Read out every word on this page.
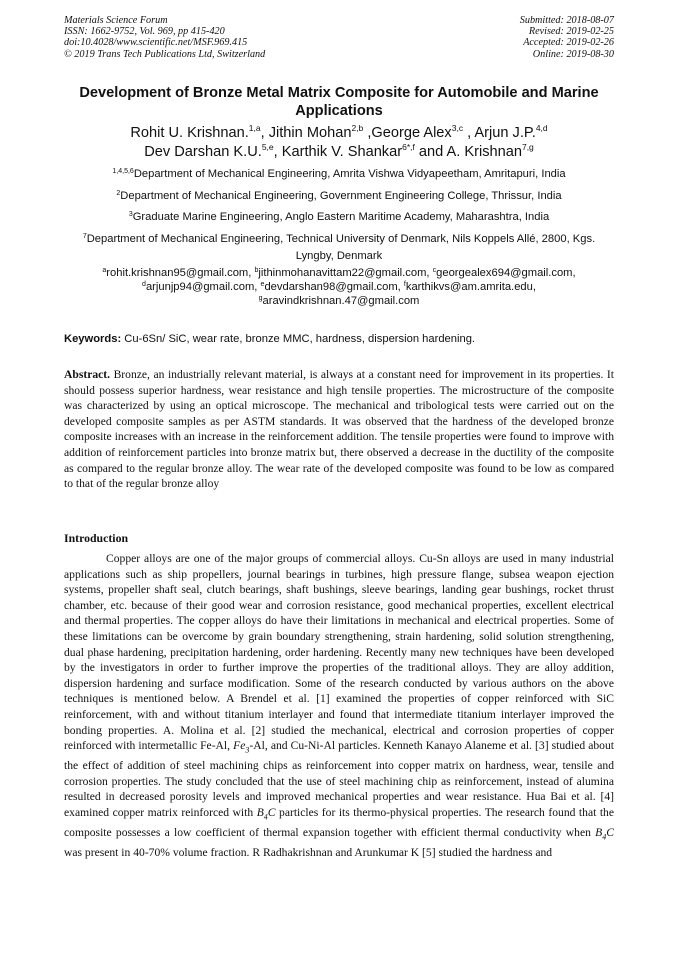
Materials Science Forum
ISSN: 1662-9752, Vol. 969, pp 415-420
doi:10.4028/www.scientific.net/MSF.969.415
© 2019 Trans Tech Publications Ltd, Switzerland
Submitted: 2018-08-07
Revised: 2019-02-25
Accepted: 2019-02-26
Online: 2019-08-30
Development of Bronze Metal Matrix Composite for Automobile and Marine Applications
Rohit U. Krishnan.$^{1,a}$, Jithin Mohan$^{2,b}$ ,George Alex$^{3,c}$ , Arjun J.P.$^{4,d}$
Dev Darshan K.U.$^{5,e}$, Karthik V. Shankar$^{6*,f}$ and A. Krishnan$^{7,g}$
$^{1,4,5,6}$Department of Mechanical Engineering, Amrita Vishwa Vidyapeetham, Amritapuri, India
$^2$Department of Mechanical Engineering, Government Engineering College, Thrissur, India
$^3$Graduate Marine Engineering, Anglo Eastern Maritime Academy, Maharashtra, India
$^7$Department of Mechanical Engineering, Technical University of Denmark, Nils Koppels Allé, 2800, Kgs. Lyngby, Denmark
$^a$rohit.krishnan95@gmail.com, $^b$jithinmohanavittam22@gmail.com, $^c$georgealex694@gmail.com,
$^d$arjunjp94@gmail.com, $^e$devdarshan98@gmail.com, $^f$karthikvs@am.amrita.edu,
$^g$aravindkrishnan.47@gmail.com
Keywords: Cu-6Sn/ SiC, wear rate, bronze MMC, hardness, dispersion hardening.
Abstract. Bronze, an industrially relevant material, is always at a constant need for improvement in its properties. It should possess superior hardness, wear resistance and high tensile properties. The microstructure of the composite was characterized by using an optical microscope. The mechanical and tribological tests were carried out on the developed composite samples as per ASTM standards. It was observed that the hardness of the developed bronze composite increases with an increase in the reinforcement addition. The tensile properties were found to improve with addition of reinforcement particles into bronze matrix but, there observed a decrease in the ductility of the composite as compared to the regular bronze alloy. The wear rate of the developed composite was found to be low as compared to that of the regular bronze alloy
Introduction
Copper alloys are one of the major groups of commercial alloys. Cu-Sn alloys are used in many industrial applications such as ship propellers, journal bearings in turbines, high pressure flange, subsea weapon ejection systems, propeller shaft seal, clutch bearings, shaft bushings, sleeve bearings, landing gear bushings, rocket thrust chamber, etc. because of their good wear and corrosion resistance, good mechanical properties, excellent electrical and thermal properties. The copper alloys do have their limitations in mechanical and electrical properties. Some of these limitations can be overcome by grain boundary strengthening, strain hardening, solid solution strengthening, dual phase hardening, precipitation hardening, order hardening. Recently many new techniques have been developed by the investigators in order to further improve the properties of the traditional alloys. They are alloy addition, dispersion hardening and surface modification. Some of the research conducted by various authors on the above techniques is mentioned below. A Brendel et al. [1] examined the properties of copper reinforced with SiC reinforcement, with and without titanium interlayer and found that intermediate titanium interlayer improved the bonding properties. A. Molina et al. [2] studied the mechanical, electrical and corrosion properties of copper reinforced with intermetallic Fe-Al, $Fe_3-Al$, and Cu-Ni-Al particles. Kenneth Kanayo Alaneme et al. [3] studied about the effect of addition of steel machining chips as reinforcement into copper matrix on hardness, wear, tensile and corrosion properties. The study concluded that the use of steel machining chip as reinforcement, instead of alumina resulted in decreased porosity levels and improved mechanical properties and wear resistance. Hua Bai et al. [4] examined copper matrix reinforced with $B_4C$ particles for its thermo-physical properties. The research found that the composite possesses a low coefficient of thermal expansion together with efficient thermal conductivity when $B_4C$ was present in 40-70% volume fraction. R Radhakrishnan and Arunkumar K [5] studied the hardness and
